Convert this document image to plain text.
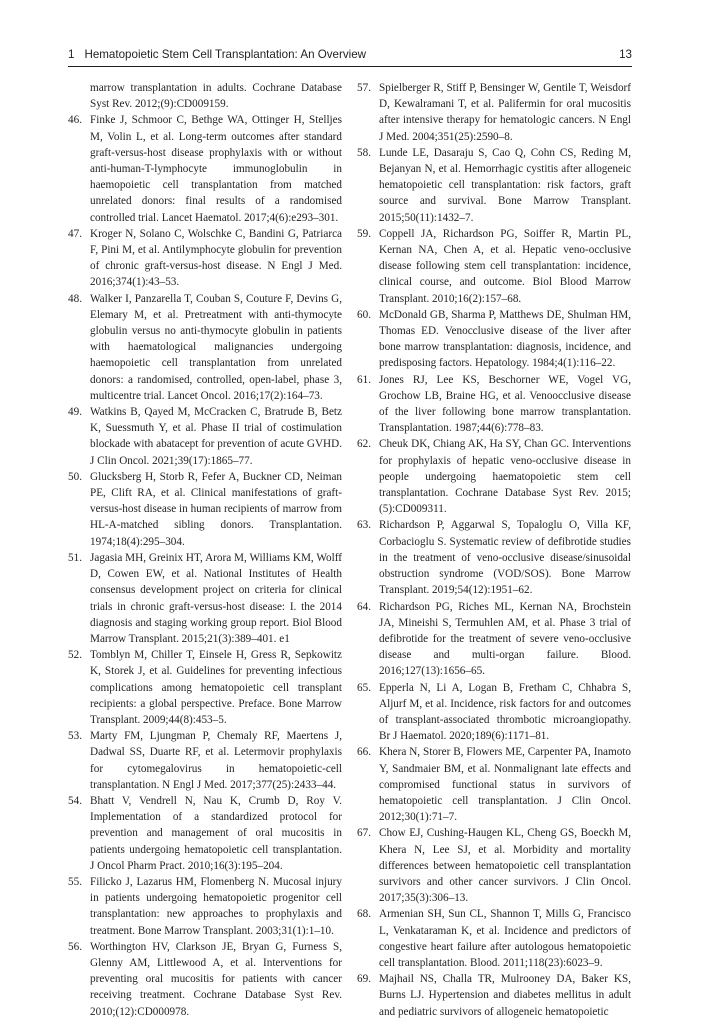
1 Hematopoietic Stem Cell Transplantation: An Overview	13
marrow transplantation in adults. Cochrane Database Syst Rev. 2012;(9):CD009159.
46. Finke J, Schmoor C, Bethge WA, Ottinger H, Stelljes M, Volin L, et al. Long-term outcomes after standard graft-versus-host disease prophylaxis with or without anti-human-T-lymphocyte immunoglobulin in haemopoietic cell transplantation from matched unrelated donors: final results of a randomised controlled trial. Lancet Haematol. 2017;4(6):e293–301.
47. Kroger N, Solano C, Wolschke C, Bandini G, Patriarca F, Pini M, et al. Antilymphocyte globulin for prevention of chronic graft-versus-host disease. N Engl J Med. 2016;374(1):43–53.
48. Walker I, Panzarella T, Couban S, Couture F, Devins G, Elemary M, et al. Pretreatment with anti-thymocyte globulin versus no anti-thymocyte globulin in patients with haematological malignancies undergoing haemopoietic cell transplantation from unrelated donors: a randomised, controlled, open-label, phase 3, multicentre trial. Lancet Oncol. 2016;17(2):164–73.
49. Watkins B, Qayed M, McCracken C, Bratrude B, Betz K, Suessmuth Y, et al. Phase II trial of costimulation blockade with abatacept for prevention of acute GVHD. J Clin Oncol. 2021;39(17):1865–77.
50. Glucksberg H, Storb R, Fefer A, Buckner CD, Neiman PE, Clift RA, et al. Clinical manifestations of graft-versus-host disease in human recipients of marrow from HL-A-matched sibling donors. Transplantation. 1974;18(4):295–304.
51. Jagasia MH, Greinix HT, Arora M, Williams KM, Wolff D, Cowen EW, et al. National Institutes of Health consensus development project on criteria for clinical trials in chronic graft-versus-host disease: I. the 2014 diagnosis and staging working group report. Biol Blood Marrow Transplant. 2015;21(3):389–401. e1
52. Tomblyn M, Chiller T, Einsele H, Gress R, Sepkowitz K, Storek J, et al. Guidelines for preventing infectious complications among hematopoietic cell transplant recipients: a global perspective. Preface. Bone Marrow Transplant. 2009;44(8):453–5.
53. Marty FM, Ljungman P, Chemaly RF, Maertens J, Dadwal SS, Duarte RF, et al. Letermovir prophylaxis for cytomegalovirus in hematopoietic-cell transplantation. N Engl J Med. 2017;377(25):2433–44.
54. Bhatt V, Vendrell N, Nau K, Crumb D, Roy V. Implementation of a standardized protocol for prevention and management of oral mucositis in patients undergoing hematopoietic cell transplantation. J Oncol Pharm Pract. 2010;16(3):195–204.
55. Filicko J, Lazarus HM, Flomenberg N. Mucosal injury in patients undergoing hematopoietic progenitor cell transplantation: new approaches to prophylaxis and treatment. Bone Marrow Transplant. 2003;31(1):1–10.
56. Worthington HV, Clarkson JE, Bryan G, Furness S, Glenny AM, Littlewood A, et al. Interventions for preventing oral mucositis for patients with cancer receiving treatment. Cochrane Database Syst Rev. 2010;(12):CD000978.
57. Spielberger R, Stiff P, Bensinger W, Gentile T, Weisdorf D, Kewalramani T, et al. Palifermin for oral mucositis after intensive therapy for hematologic cancers. N Engl J Med. 2004;351(25):2590–8.
58. Lunde LE, Dasaraju S, Cao Q, Cohn CS, Reding M, Bejanyan N, et al. Hemorrhagic cystitis after allogeneic hematopoietic cell transplantation: risk factors, graft source and survival. Bone Marrow Transplant. 2015;50(11):1432–7.
59. Coppell JA, Richardson PG, Soiffer R, Martin PL, Kernan NA, Chen A, et al. Hepatic veno-occlusive disease following stem cell transplantation: incidence, clinical course, and outcome. Biol Blood Marrow Transplant. 2010;16(2):157–68.
60. McDonald GB, Sharma P, Matthews DE, Shulman HM, Thomas ED. Venocclusive disease of the liver after bone marrow transplantation: diagnosis, incidence, and predisposing factors. Hepatology. 1984;4(1):116–22.
61. Jones RJ, Lee KS, Beschorner WE, Vogel VG, Grochow LB, Braine HG, et al. Venoocclusive disease of the liver following bone marrow transplantation. Transplantation. 1987;44(6):778–83.
62. Cheuk DK, Chiang AK, Ha SY, Chan GC. Interventions for prophylaxis of hepatic veno-occlusive disease in people undergoing haematopoietic stem cell transplantation. Cochrane Database Syst Rev. 2015;(5):CD009311.
63. Richardson P, Aggarwal S, Topaloglu O, Villa KF, Corbacioglu S. Systematic review of defibrotide studies in the treatment of veno-occlusive disease/sinusoidal obstruction syndrome (VOD/SOS). Bone Marrow Transplant. 2019;54(12):1951–62.
64. Richardson PG, Riches ML, Kernan NA, Brochstein JA, Mineishi S, Termuhlen AM, et al. Phase 3 trial of defibrotide for the treatment of severe veno-occlusive disease and multi-organ failure. Blood. 2016;127(13):1656–65.
65. Epperla N, Li A, Logan B, Fretham C, Chhabra S, Aljurf M, et al. Incidence, risk factors for and outcomes of transplant-associated thrombotic microangiopathy. Br J Haematol. 2020;189(6):1171–81.
66. Khera N, Storer B, Flowers ME, Carpenter PA, Inamoto Y, Sandmaier BM, et al. Nonmalignant late effects and compromised functional status in survivors of hematopoietic cell transplantation. J Clin Oncol. 2012;30(1):71–7.
67. Chow EJ, Cushing-Haugen KL, Cheng GS, Boeckh M, Khera N, Lee SJ, et al. Morbidity and mortality differences between hematopoietic cell transplantation survivors and other cancer survivors. J Clin Oncol. 2017;35(3):306–13.
68. Armenian SH, Sun CL, Shannon T, Mills G, Francisco L, Venkataraman K, et al. Incidence and predictors of congestive heart failure after autologous hematopoietic cell transplantation. Blood. 2011;118(23):6023–9.
69. Majhail NS, Challa TR, Mulrooney DA, Baker KS, Burns LJ. Hypertension and diabetes mellitus in adult and pediatric survivors of allogeneic hematopoietic
